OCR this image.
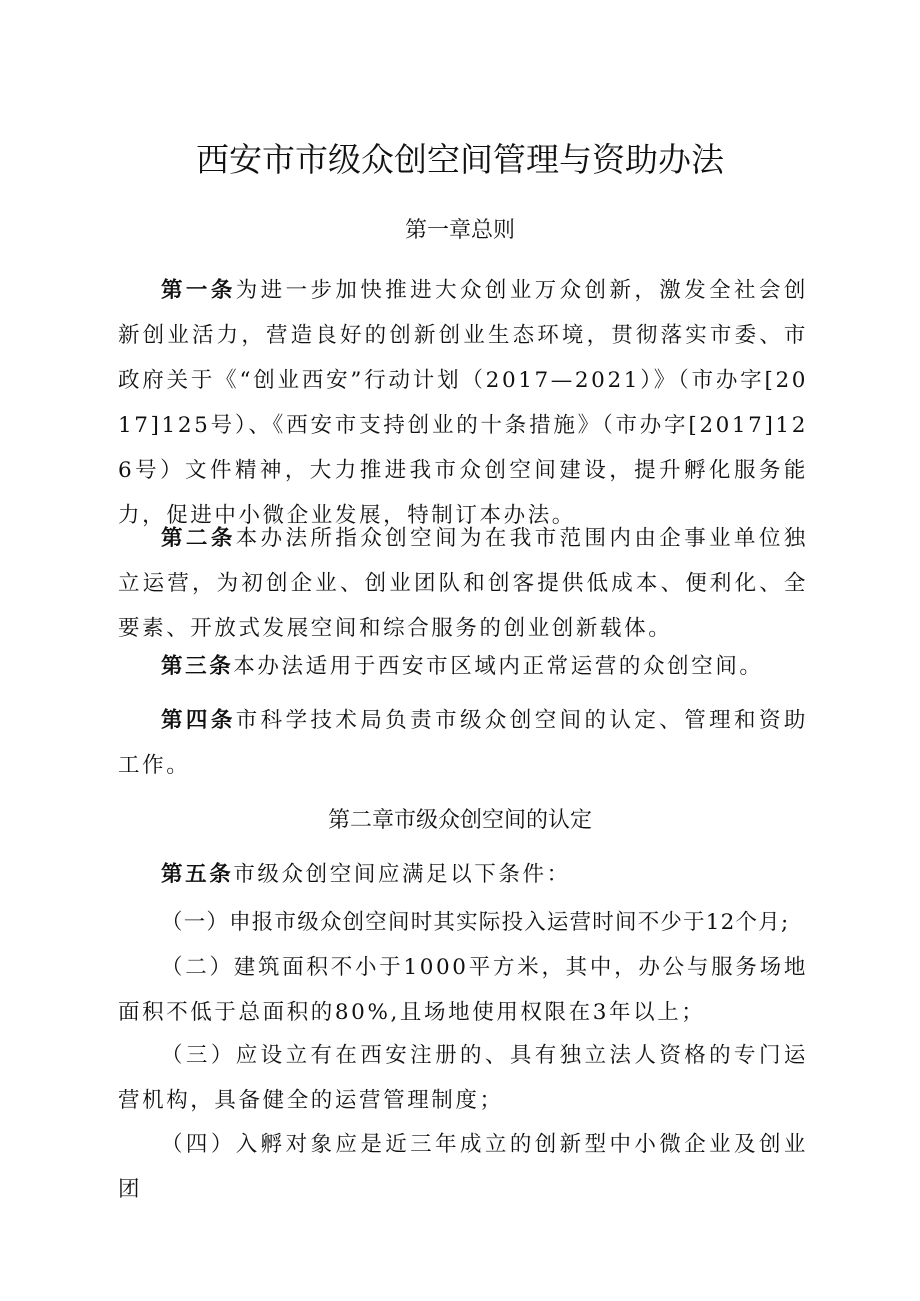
西安市市级众创空间管理与资助办法
第一章总则

第一条为进一步加快推进大众创业万众创新，激发全社会创新创业活力，营造良好的创新创业生态环境，贯彻落实市委、市政府关于《“创业西安”行动计划（2017—2021）》（市办字[2017]125号）、《西安市支持创业的十条措施》（市办字[2017]126号）文件精神，大力推进我市众创空间建设，提升孵化服务能力，促进中小微企业发展，特制订本办法。

第二条本办法所指众创空间为在我市范围内由企事业单位独立运营，为初创企业、创业团队和创客提供低成本、便利化、全要素、开放式发展空间和综合服务的创业创新载体。

第三条本办法适用于西安市区域内正常运营的众创空间。

第四条市科学技术局负责市级众创空间的认定、管理和资助工作。

第二章市级众创空间的认定

第五条市级众创空间应满足以下条件：

（一）申报市级众创空间时其实际投入运营时间不少于12个月;

（二）建筑面积不小于1000平方米，其中，办公与服务场地面积不低于总面积的80%,且场地使用权限在3年以上；

（三）应设立有在西安注册的、具有独立法人资格的专门运营机构，具备健全的运营管理制度；

（四）入孵对象应是近三年成立的创新型中小微企业及创业团
